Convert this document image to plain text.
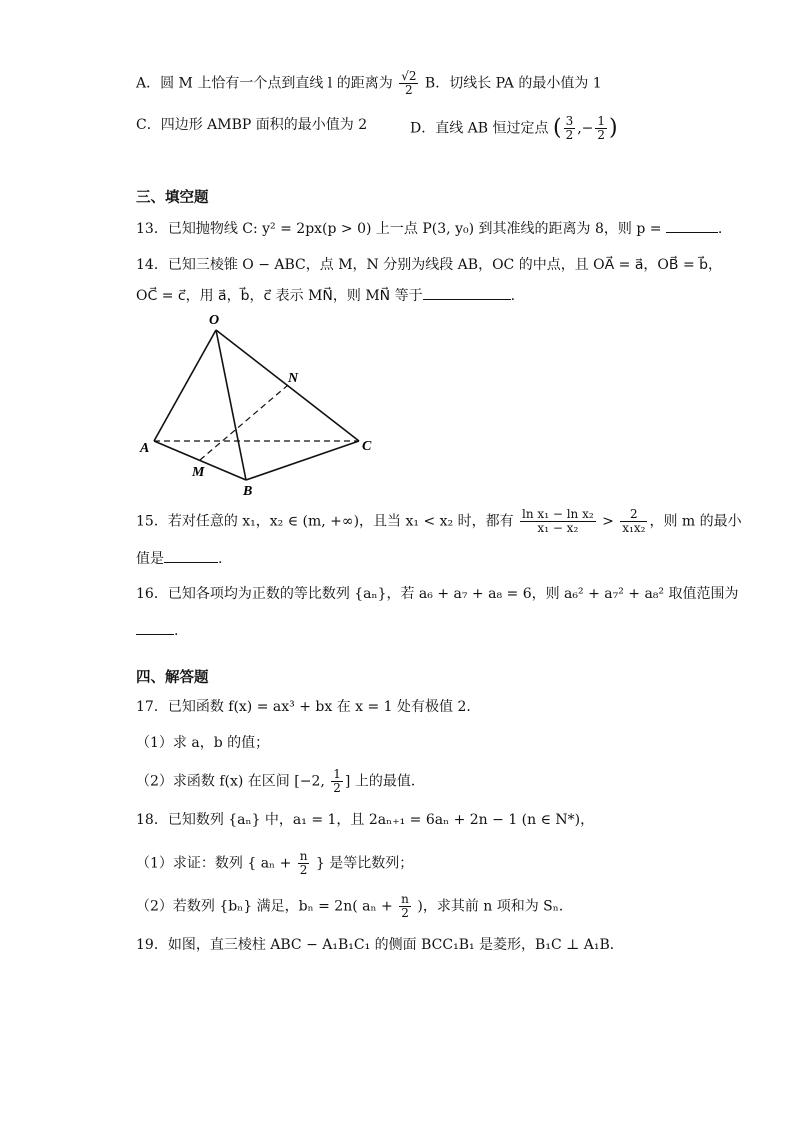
A．圆 M 上恰有一个点到直线 l 的距离为 $\frac{√2}{2}$ B．切线长 PA 的最小值为 1
C．四边形 AMBP 面积的最小值为 2	D．直线 AB 恒过定点 ( $\frac{3}{2}$ ,− $\frac{1}{2}$ )
三、填空题
13．已知抛物线 C: y² = 2px(p > 0) 上一点 P(3, y₀) 到其准线的距离为 8，则 p =	.
14．已知三棱锥 O − ABC，点 M，N 分别为线段 AB，OC 的中点，且 OA⃗ = a⃗，OB⃗ = b⃗，
OC⃗ = c⃗，用 a⃗，b⃗，c⃗ 表示 MN⃗，则 MN⃗ 等于	.
O
A
B
C
M
N
15．若对任意的 x₁，x₂ ∈ (m, +∞)，且当 x₁ < x₂ 时，都有 $\frac{\text{ln x₁ − ln x₂}}{\text{x₁ − x₂}} > \frac{2}{\text{x₁x₂}}$ ，则 m 的最小
值是	.
16．已知各项均为正数的等比数列 {aₙ}，若 a₆ + a₇ + a₈ = 6，则 a₆² + a₇² + a₈² 取值范围为
.
四、解答题
17．已知函数 f(x) = ax³ + bx 在 x = 1 处有极值 2．
（1）求 a，b 的值；
（2）求函数 f(x) 在区间 [−2, $\frac{1}{2}$ ] 上的最值．
18．已知数列 {aₙ} 中，a₁ = 1，且 2aₙ₊₁ = 6aₙ + 2n − 1 (n ∈ N*)，
（1）求证：数列 { $a_n + \frac{n}{2}$ } 是等比数列；
（2）若数列 {bₙ} 满足，bₙ = 2n( $a_n + \frac{n}{2}$ )，求其前 n 项和为 Sₙ．
19．如图，直三棱柱 ABC − A₁B₁C₁ 的侧面 BCC₁B₁ 是菱形，B₁C ⊥ A₁B．
